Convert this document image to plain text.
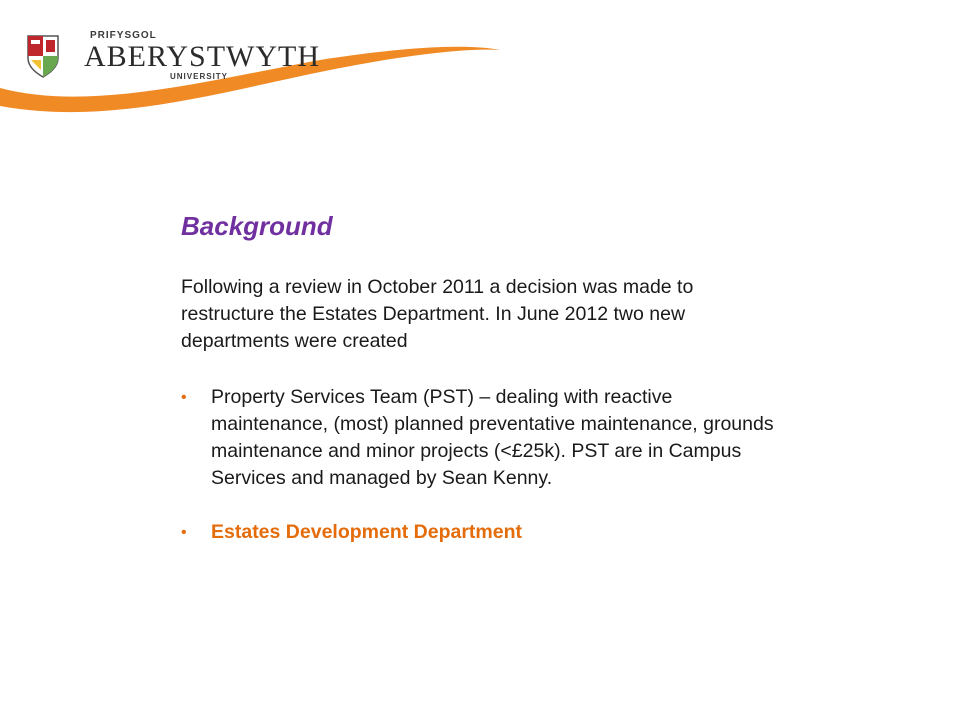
PRIFYSGOL
ABERYSTWYTH
UNIVERSITY
Background

Following a review in October 2011 a decision was made to restructure the Estates Department. In June 2012 two new departments were created

• Property Services Team (PST) – dealing with reactive maintenance, (most) planned preventative maintenance, grounds maintenance and minor projects (<£25k). PST are in Campus Services and managed by Sean Kenny.
• Estates Development Department
